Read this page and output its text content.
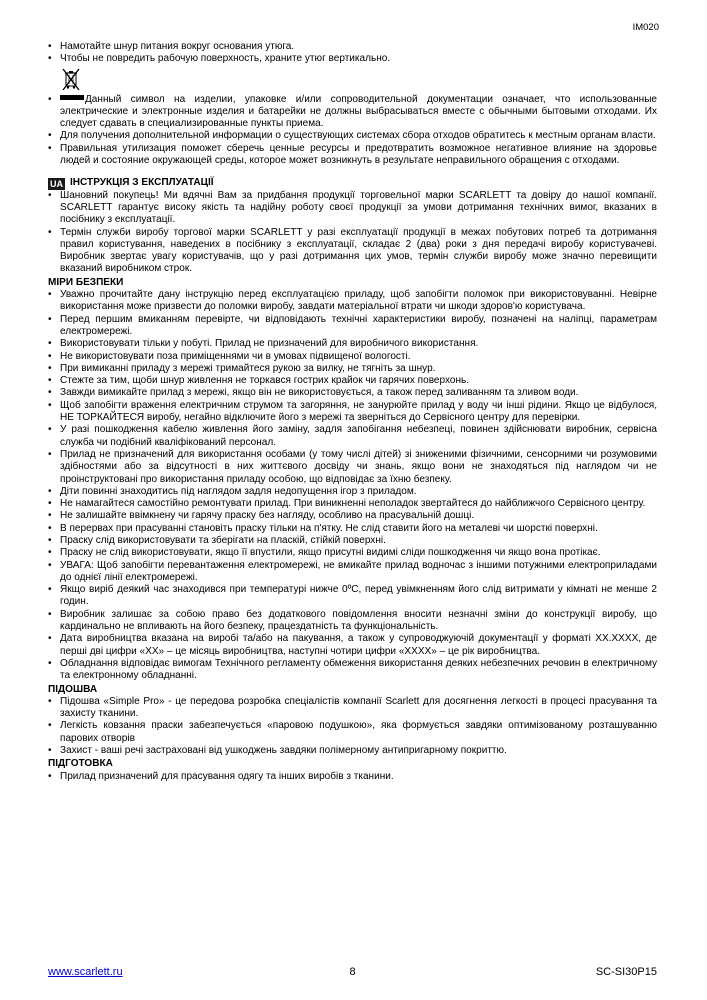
IM020
• Намотайте шнур питания вокруг основания утюга.
• Чтобы не повредить рабочую поверхность, храните утюг вертикально.
• Данный символ на изделии, упаковке и/или сопроводительной документации означает, что использованные электрические и электронные изделия и батарейки не должны выбрасываться вместе с обычными бытовыми отходами. Их следует сдавать в специализированные пункты приема.
• Для получения дополнительной информации о существующих системах сбора отходов обратитесь к местным органам власти.
• Правильная утилизация поможет сберечь ценные ресурсы и предотвратить возможное негативное влияние на здоровье людей и состояние окружающей среды, которое может возникнуть в результате неправильного обращения с отходами.
UA ІНСТРУКЦІЯ З ЕКСПЛУАТАЦІЇ
• Шановний покупець! Ми вдячні Вам за придбання продукції торговельної марки SCARLETT та довіру до нашої компанії. SCARLETT гарантує високу якість та надійну роботу своєї продукції за умови дотримання технічних вимог, вказаних в посібнику з експлуатації.
• Термін служби виробу торгової марки SCARLETT у разі експлуатації продукції в межах побутових потреб та дотримання правил користування, наведених в посібнику з експлуатації, складає 2 (два) роки з дня передачі виробу користувачеві. Виробник звертає увагу користувачів, що у разі дотримання цих умов, термін служби виробу може значно перевищити вказаний виробником строк.
МІРИ БЕЗПЕКИ
• Уважно прочитайте дану інструкцію перед експлуатацією приладу, щоб запобігти поломок при використовуванні. Невірне використання може призвести до поломки виробу, завдати матеріальної втрати чи шкоди здоров'ю користувача.
• Перед першим вмиканням перевірте, чи відповідають технічні характеристики виробу, позначені на наліпці, параметрам електромережі.
• Використовувати тільки у побуті. Прилад не призначений для виробничого використання.
• Не використовувати поза приміщеннями чи в умовах підвищеної вологості.
• При вимиканні приладу з мережі тримайтеся рукою за вилку, не тягніть за шнур.
• Стежте за тим, щоби шнур живлення не торкався гострих крайок чи гарячих поверхонь.
• Завжди вимикайте прилад з мережі, якщо він не використовується, а також перед заливанням та зливом води.
• Щоб запобігти враження електричним струмом та загоряння, не занурюйте прилад у воду чи інші рідини. Якщо це відбулося, НЕ ТОРКАЙТЕСЯ виробу, негайно відключите його з мережі та зверніться до Сервісного центру для перевірки.
• У разі пошкодження кабелю живлення його заміну, задля запобігання небезпеці, повинен здійснювати виробник, сервісна служба чи подібний кваліфікований персонал.
• Прилад не призначений для використання особами (у тому числі дітей) зі зниженими фізичними, сенсорними чи розумовими здібностями або за відсутності в них життєвого досвіду чи знань, якщо вони не знаходяться під наглядом чи не проінструктовані про використання приладу особою, що відповідає за їхню безпеку.
• Діти повинні знаходитись під наглядом задля недопущення ігор з приладом.
• Не намагайтеся самостійно ремонтувати прилад. При виникненні неполадок звертайтеся до найближчого Сервісного центру.
• Не залишайте ввімкнену чи гарячу праску без нагляду, особливо на прасувальній дошці.
• В перервах при прасуванні становіть праску тільки на п'ятку. Не слід ставити його на металеві чи шорсткі поверхні.
• Праску слід використовувати та зберігати на пласкій, стійкій поверхні.
• Праску не слід використовувати, якщо її впустили, якщо присутні видимі сліди пошкодження чи якщо вона протікає.
• УВАГА: Щоб запобігти перевантаження електромережі, не вмикайте прилад водночас з іншими потужними електроприладами до однієї лінії електромережі.
• Якщо виріб деякий час знаходився при температурі нижче 0ºC, перед увімкненням його слід витримати у кімнаті не менше 2 годин.
• Виробник залишає за собою право без додаткового повідомлення вносити незначні зміни до конструкції виробу, що кардинально не впливають на його безпеку, працездатність та функціональність.
• Дата виробництва вказана на виробі та/або на пакування, а також у супроводжуючій документації у форматі XX.XXXX, де перші дві цифри «XX» – це місяць виробництва, наступні чотири цифри «XXXX» – це рік виробництва.
• Обладнання відповідає вимогам Технічного регламенту обмеження використання деяких небезпечних речовин в електричному та електронному обладнанні.
ПІДОШВА
• Підошва «Simple Pro» - це передова розробка спеціалістів компанії Scarlett для досягнення легкості в процесі прасування та захисту тканини.
• Легкість ковзання праски забезпечується «паровою подушкою», яка формується завдяки оптимізованому розташуванню парових отворів
• Захист - ваші речі застраховані від ушкоджень завдяки полімерному антипригарному покриттю.
ПІДГОТОВКА
• Прилад призначений для прасування одягу та інших виробів з тканини.
www.scarlett.ru	8	SC-SI30P15
